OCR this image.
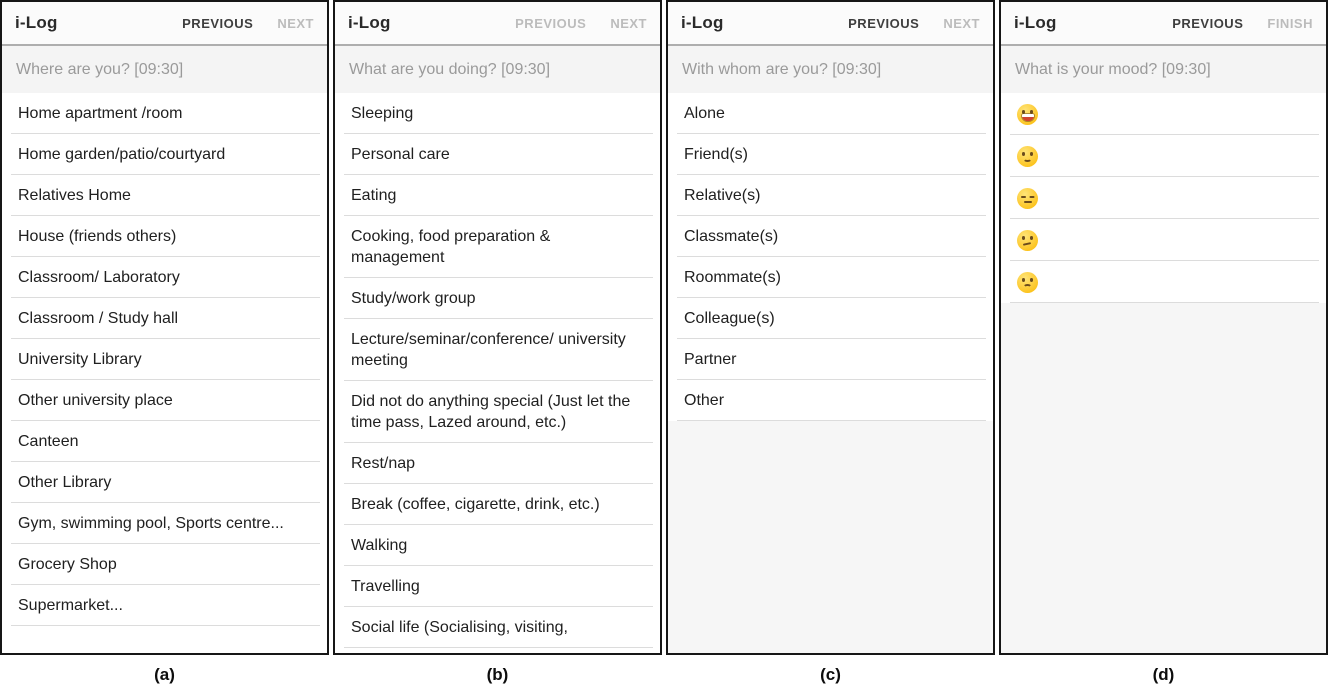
i-Log	PREVIOUS NEXT
Where are you? [09:30]
Home apartment /room
Home garden/patio/courtyard
Relatives Home
House (friends others)
Classroom/ Laboratory
Classroom / Study hall
University Library
Other university place
Canteen
Other Library
Gym, swimming pool, Sports centre...
Grocery Shop
Supermarket...
i-Log	PREVIOUS NEXT
What are you doing? [09:30]
Sleeping
Personal care
Eating
Cooking, food preparation & management
Study/work group
Lecture/seminar/conference/ university meeting
Did not do anything special (Just let the time pass, Lazed around, etc.)
Rest/nap
Break (coffee, cigarette, drink, etc.)
Walking
Travelling
Social life (Socialising, visiting,
i-Log	PREVIOUS NEXT
With whom are you? [09:30]
Alone
Friend(s)
Relative(s)
Classmate(s)
Roommate(s)
Colleague(s)
Partner
Other
i-Log	PREVIOUS FINISH
What is your mood? [09:30]
(a)	(b)	(c)	(d)
